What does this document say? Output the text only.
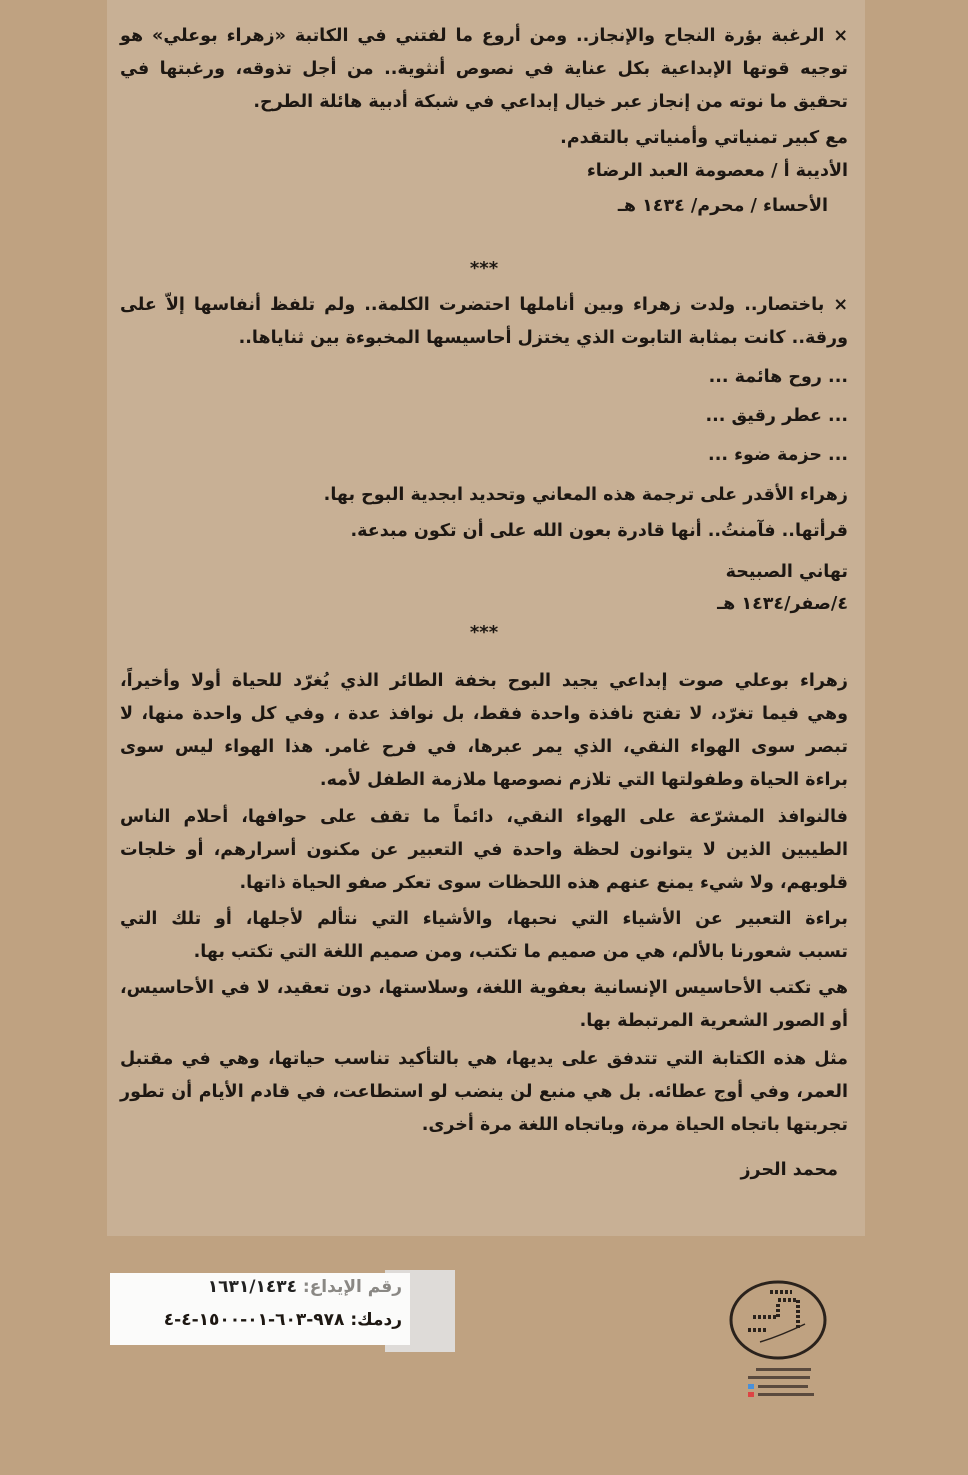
× الرغبة بؤرة النجاح والإنجاز.. ومن أروع ما لفتني في الكاتبة «زهراء بوعلي» هو
توجيه قوتها الإبداعية بكل عناية في نصوص أنثوية.. من أجل تذوقه، ورغبتها في
تحقيق ما نوته من إنجاز عبر خيال إبداعي في شبكة أدبية هائلة الطرح.
مع كبير تمنياتي وأمنياتي بالتقدم.
الأديبة أ / معصومة العبد الرضاء
الأحساء / محرم/ ١٤٣٤ هـ
***
× باختصار.. ولدت زهراء وبين أناملها احتضرت الكلمة.. ولم تلفظ أنفاسها إلاّ على
ورقة.. كانت بمثابة التابوت الذي يختزل أحاسيسها المخبوءة بين ثناياها..
... روح هائمة ...
... عطر رقيق ...
... حزمة ضوء ...
زهراء الأقدر على ترجمة هذه المعاني وتحديد ابجدية البوح بها.
قرأتها.. فآمنتُ.. أنها قادرة بعون الله على أن تكون مبدعة.
تهاني الصبيحة
٤/صفر/١٤٣٤ هـ
***
زهراء بوعلي صوت إبداعي يجيد البوح بخفة الطائر الذي يُغرّد للحياة أولا وأخيراً،
وهي فيما تغرّد، لا تفتح نافذة واحدة فقط، بل نوافذ عدة ، وفي كل واحدة منها، لا
تبصر سوى الهواء النقي، الذي يمر عبرها، في فرح غامر. هذا الهواء ليس سوى
براءة الحياة وطفولتها التي تلازم نصوصها ملازمة الطفل لأمه.
فالنوافذ المشرّعة على الهواء النقي، دائماً ما تقف على حوافها، أحلام الناس
الطيبين الذين لا يتوانون لحظة واحدة في التعبير عن مكنون أسرارهم، أو خلجات
قلوبهم، ولا شيء يمنع عنهم هذه اللحظات سوى تعكر صفو الحياة ذاتها.
براءة التعبير عن الأشياء التي نحبها، والأشياء التي نتألم لأجلها، أو تلك التي
تسبب شعورنا بالألم، هي من صميم ما تكتب، ومن صميم اللغة التي تكتب بها.
هي تكتب الأحاسيس الإنسانية بعفوية اللغة، وسلاستها، دون تعقيد، لا في الأحاسيس،
أو الصور الشعرية المرتبطة بها.
مثل هذه الكتابة التي تتدفق على يديها، هي بالتأكيد تناسب حياتها، وهي في مقتبل
العمر، وفي أوج عطائه. بل هي منبع لن ينضب لو استطاعت، في قادم الأيام أن تطور
تجربتها باتجاه الحياة مرة، وباتجاه اللغة مرة أخرى.
محمد الحرز
رقم الإيداع: ١٦٣١/١٤٣٤
ردمك: ٩٧٨-٦٠٣-٠١-١٥٠٠-٤-٤
